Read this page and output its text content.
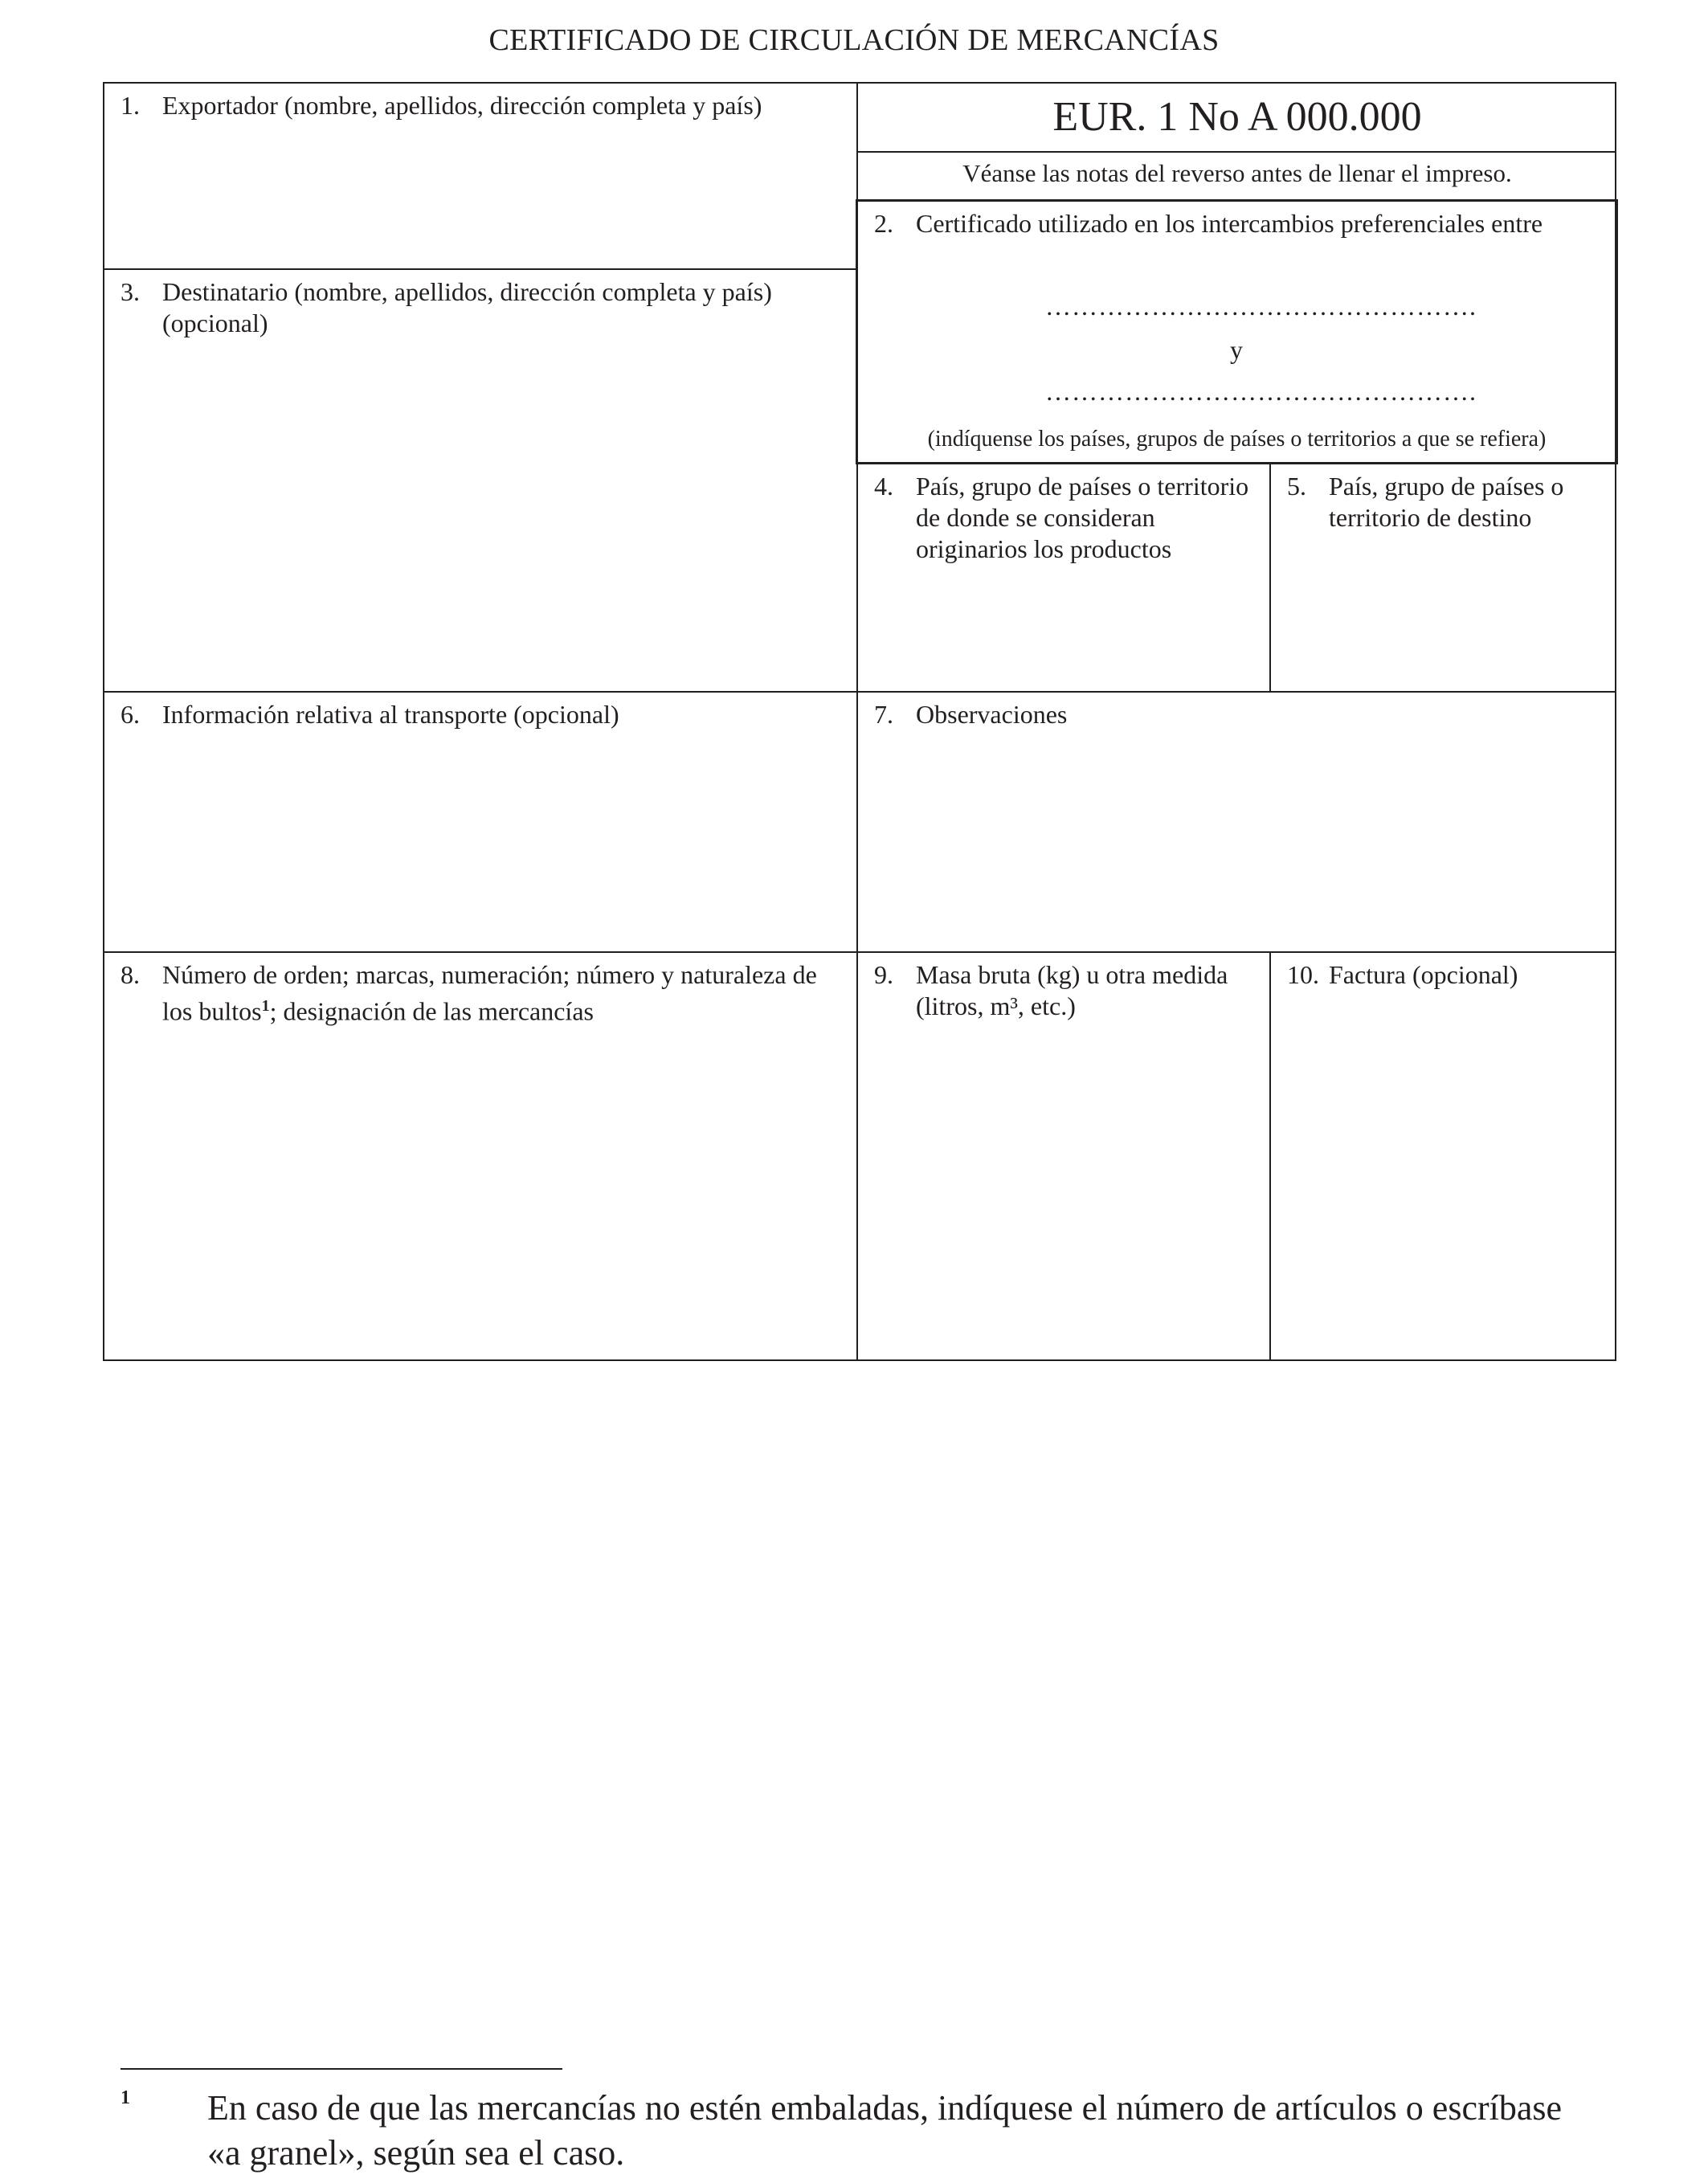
CERTIFICADO DE CIRCULACIÓN DE MERCANCÍAS
1. Exportador (nombre, apellidos, dirección completa y país)	EUR. 1 No A 000.000
Véanse las notas del reverso antes de llenar el impreso.
2. Certificado utilizado en los intercambios preferenciales entre
………………………………………….
y
………………………………………….
(indíquense los países, grupos de países o territorios a que se refiera)
3. Destinatario (nombre, apellidos, dirección completa y país) (opcional)
4. País, grupo de países o territorio de donde se consideran originarios los productos
5. País, grupo de países o territorio de destino
6. Información relativa al transporte (opcional)	7. Observaciones
8. Número de orden; marcas, numeración; número y naturaleza de los bultos$^1$; designación de las mercancías
9. Masa bruta (kg) u otra medida (litros, m³, etc.)
10. Factura (opcional)
1 En caso de que las mercancías no estén embaladas, indíquese el número de artículos o escríbase «a granel», según sea el caso.
